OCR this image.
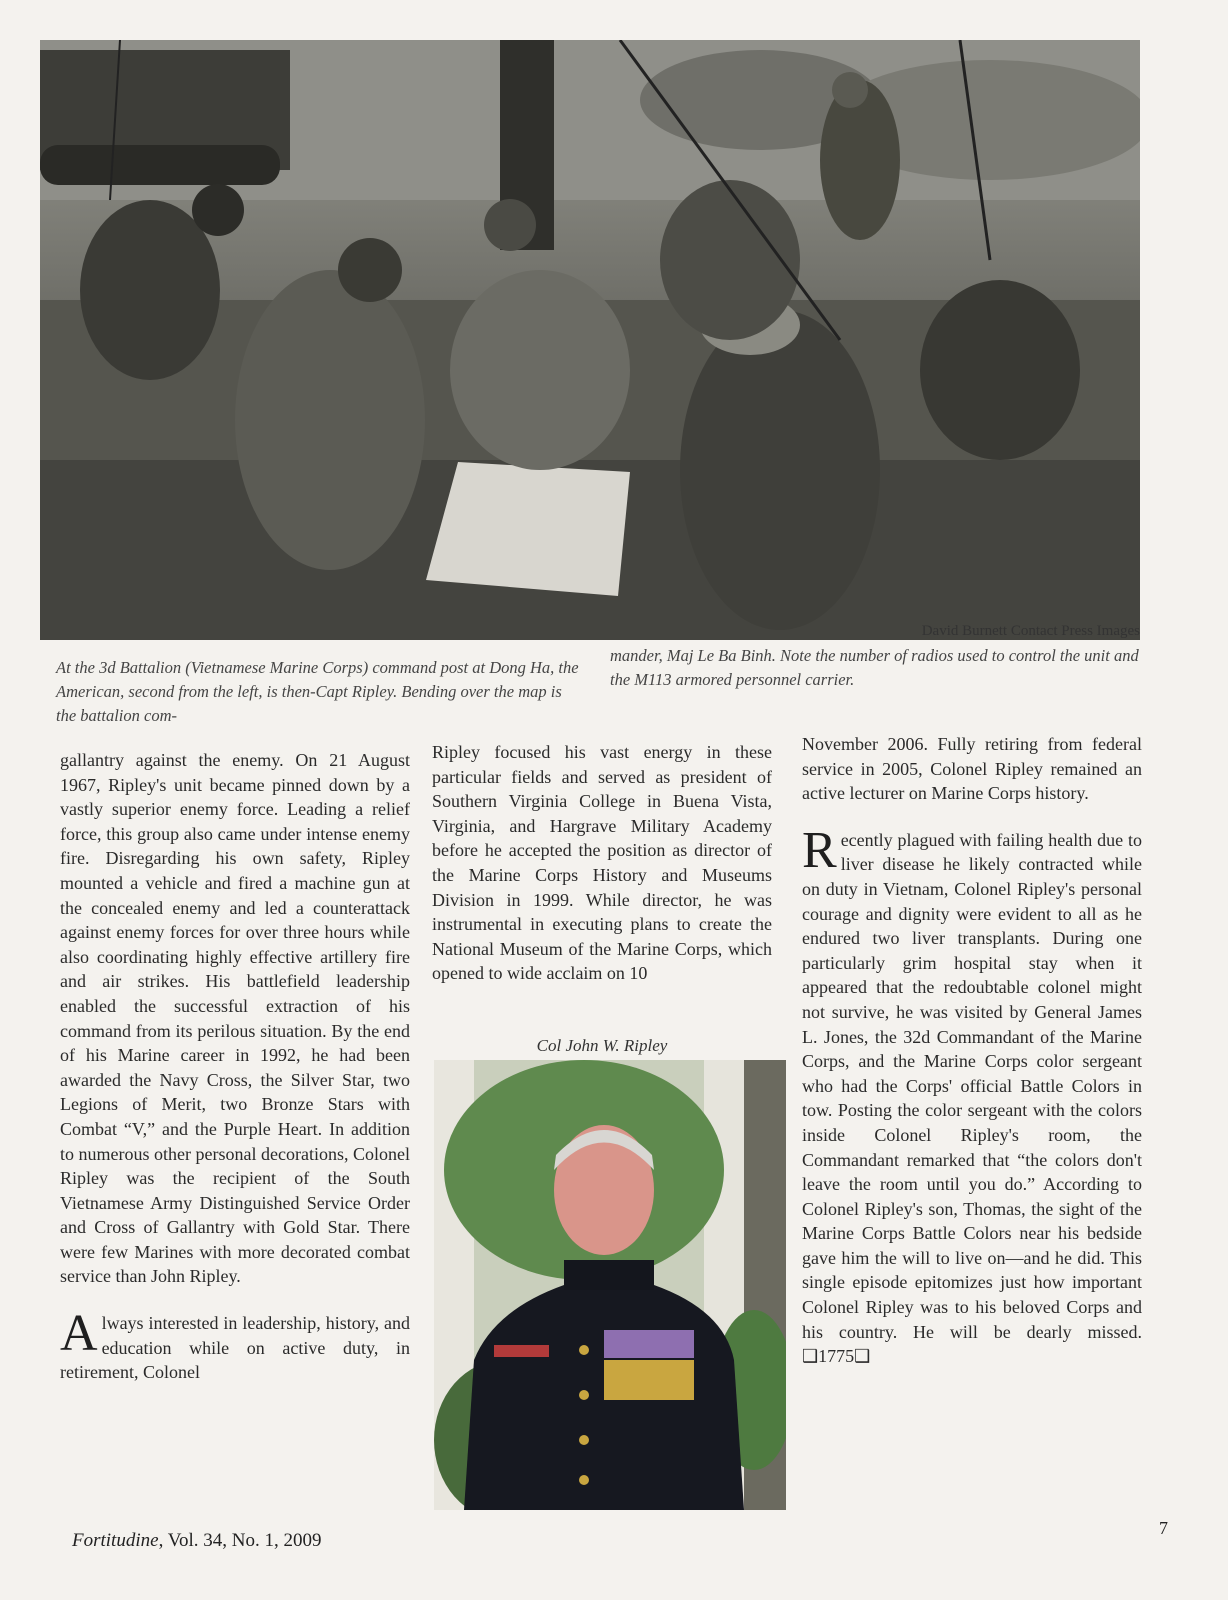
David Burnett Contact Press Images
At the 3d Battalion (Vietnamese Marine Corps) command post at Dong Ha, the American, second from the left, is then-Capt Ripley. Bending over the map is the battalion com-
mander, Maj Le Ba Binh. Note the number of radios used to control the unit and the M113 armored personnel carrier.

gallantry against the enemy. On 21 August 1967, Ripley's unit became pinned down by a vastly superior enemy force. Leading a relief force, this group also came under intense enemy fire. Disregarding his own safety, Ripley mounted a vehicle and fired a machine gun at the concealed enemy and led a counterattack against enemy forces for over three hours while also coordinating highly effective artillery fire and air strikes. His battlefield leadership enabled the successful extraction of his command from its perilous situation. By the end of his Marine career in 1992, he had been awarded the Navy Cross, the Silver Star, two Legions of Merit, two Bronze Stars with Combat “V,” and the Purple Heart. In addition to numerous other personal decorations, Colonel Ripley was the recipient of the South Vietnamese Army Distinguished Service Order and Cross of Gallantry with Gold Star. There were few Marines with more decorated combat service than John Ripley.

Always interested in leadership, history, and education while on active duty, in retirement, Colonel

Ripley focused his vast energy in these particular fields and served as president of Southern Virginia College in Buena Vista, Virginia, and Hargrave Military Academy before he accepted the position as director of the Marine Corps History and Museums Division in 1999. While director, he was instrumental in executing plans to create the National Museum of the Marine Corps, which opened to wide acclaim on 10

Col John W. Ripley

November 2006. Fully retiring from federal service in 2005, Colonel Ripley remained an active lecturer on Marine Corps history.

Recently plagued with failing health due to liver disease he likely contracted while on duty in Vietnam, Colonel Ripley's personal courage and dignity were evident to all as he endured two liver transplants. During one particularly grim hospital stay when it appeared that the redoubtable colonel might not survive, he was visited by General James L. Jones, the 32d Commandant of the Marine Corps, and the Marine Corps color sergeant who had the Corps' official Battle Colors in tow. Posting the color sergeant with the colors inside Colonel Ripley's room, the Commandant remarked that “the colors don't leave the room until you do.” According to Colonel Ripley's son, Thomas, the sight of the Marine Corps Battle Colors near his bedside gave him the will to live on—and he did. This single episode epitomizes just how important Colonel Ripley was to his beloved Corps and his country. He will be dearly missed. ❑1775❑

Fortitudine, Vol. 34, No. 1, 2009
7
